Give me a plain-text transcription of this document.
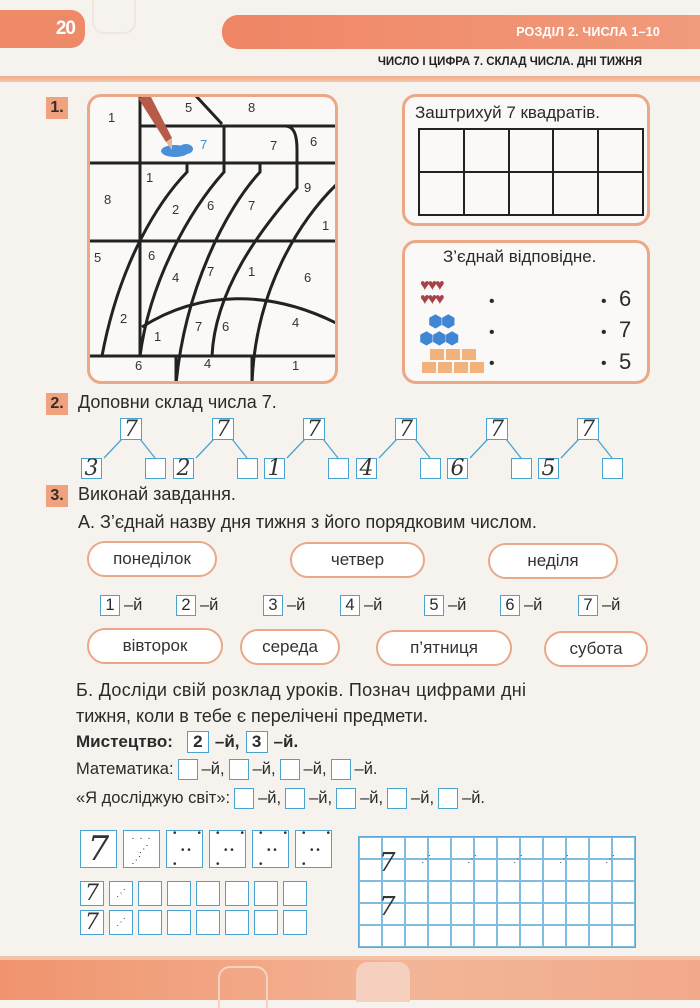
20	РОЗДІЛ 2. ЧИСЛА 1–10
ЧИСЛО І ЦИФРА 7. СКЛАД ЧИСЛА. ДНІ ТИЖНЯ
1.
1
5	8
7	7	6
1
8
9
2 6	7
1
5	6
4 7	1	6
2
1
7 6	4
6	4	1
Заштрихуй 7 квадратів.
З’єднай відповідне.
♥♥♥
♥♥♥
⬢⬢
⬢⬢⬢
•
•
•
•
•
•
6
7
5
2. Доповни склад числа 7.
7
3
7
2
7
1
7
4
7
6
7
5
3. Виконай завдання.
А. З’єднай назву дня тижня з його порядковим числом.
понеділок	четвер	неділя
1 –й	2 –й	3 –й	4 –й	5 –й	6 –й	7 –й
вівторок	середа	п’ятниця	субота
Б. Досліди свій розклад уроків. Познач цифрами дні
тижня, коли в тебе є перелічені предмети.
Мистецтво:	2 –й, 3 –й.
Математика: –й, –й, –й, –й.
«Я досліджую світ»: –й, –й, –й, –й, –й.
7	· · ·
⋰
⋰
• •
• •
•
• •
• •
•
• •
• •
•
• •
• •
•
7	⋰
7	⋰
7	⋰	⋰	⋰	⋰	⋰
7
